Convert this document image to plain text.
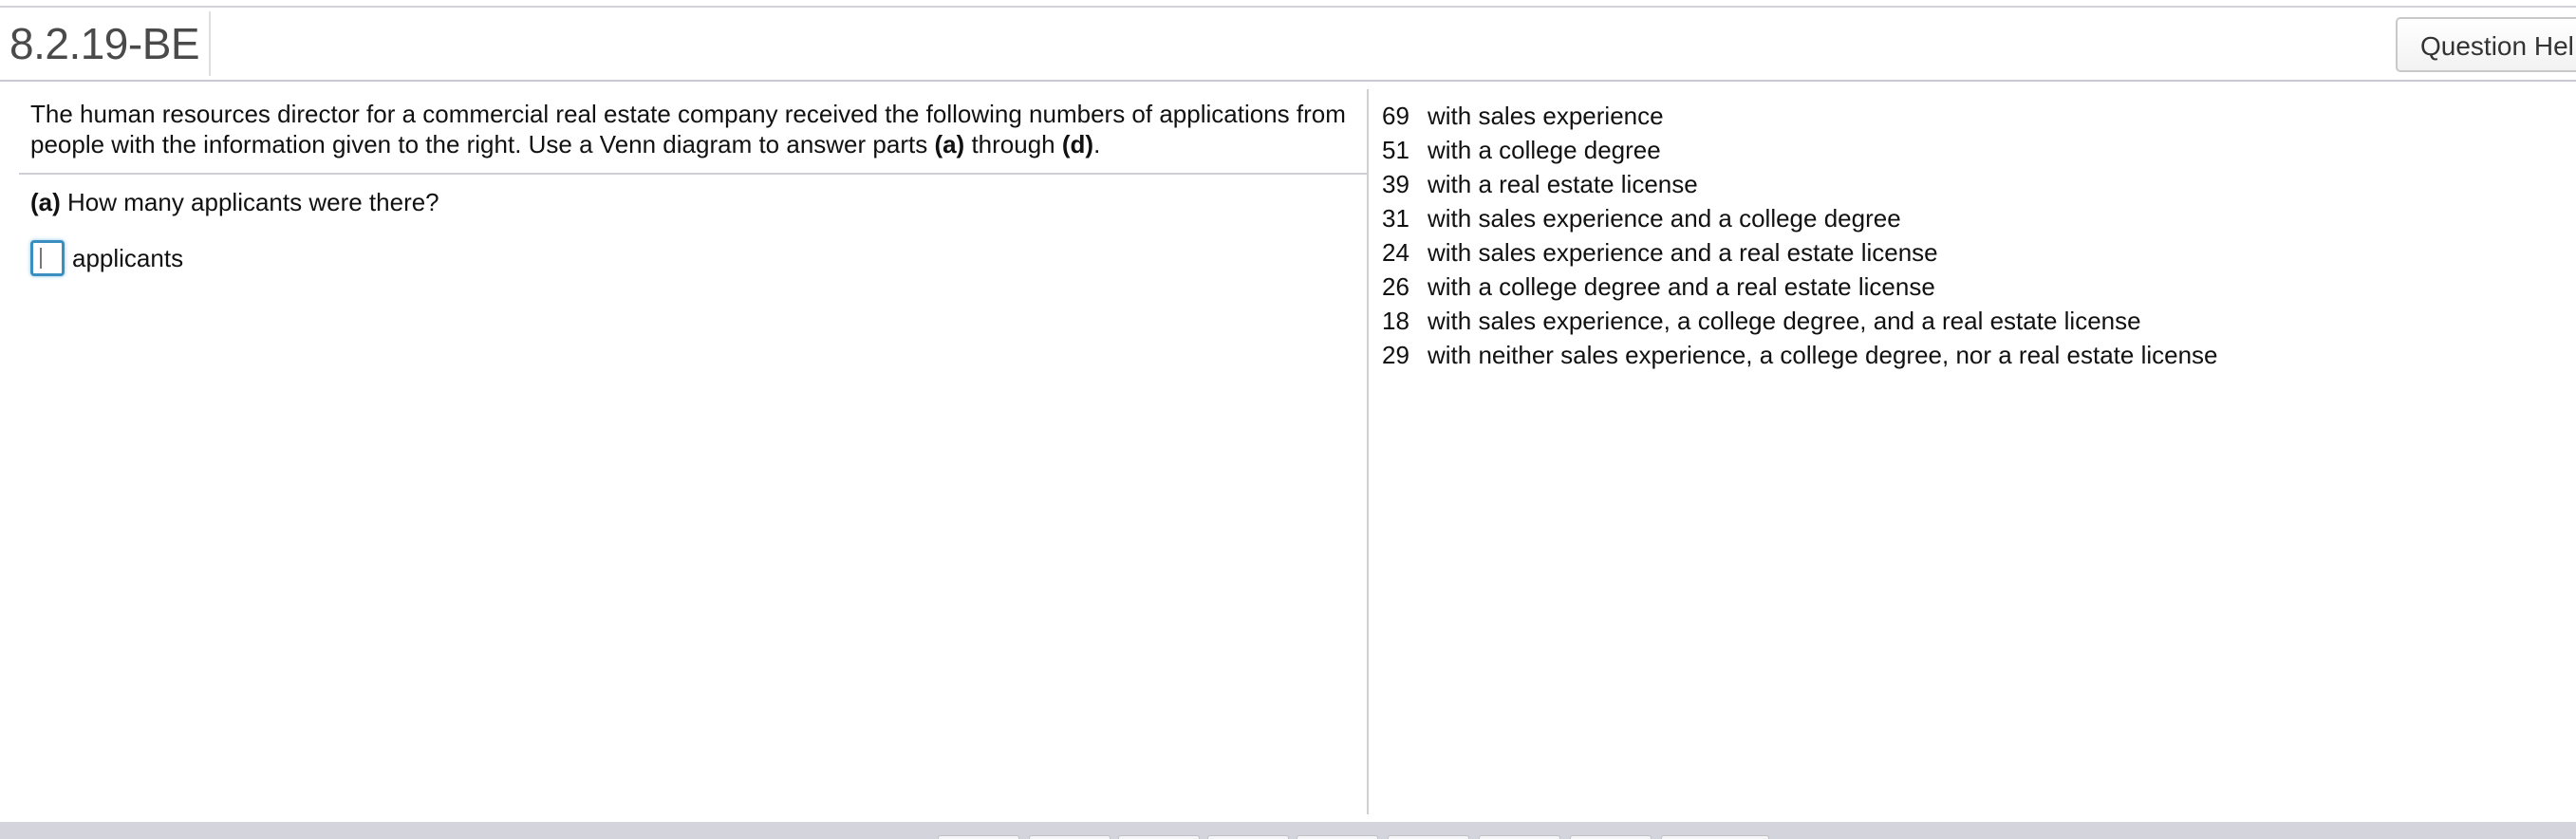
8.2.19-BE	Question Hel
The human resources director for a commercial real estate company received the following numbers of applications from people with the information given to the right. Use a Venn diagram to answer parts (a) through (d).
(a) How many applicants were there?
applicants
69 with sales experience
51 with a college degree
39 with a real estate license
31 with sales experience and a college degree
24 with sales experience and a real estate license
26 with a college degree and a real estate license
18 with sales experience, a college degree, and a real estate license
29 with neither sales experience, a college degree, nor a real estate license
